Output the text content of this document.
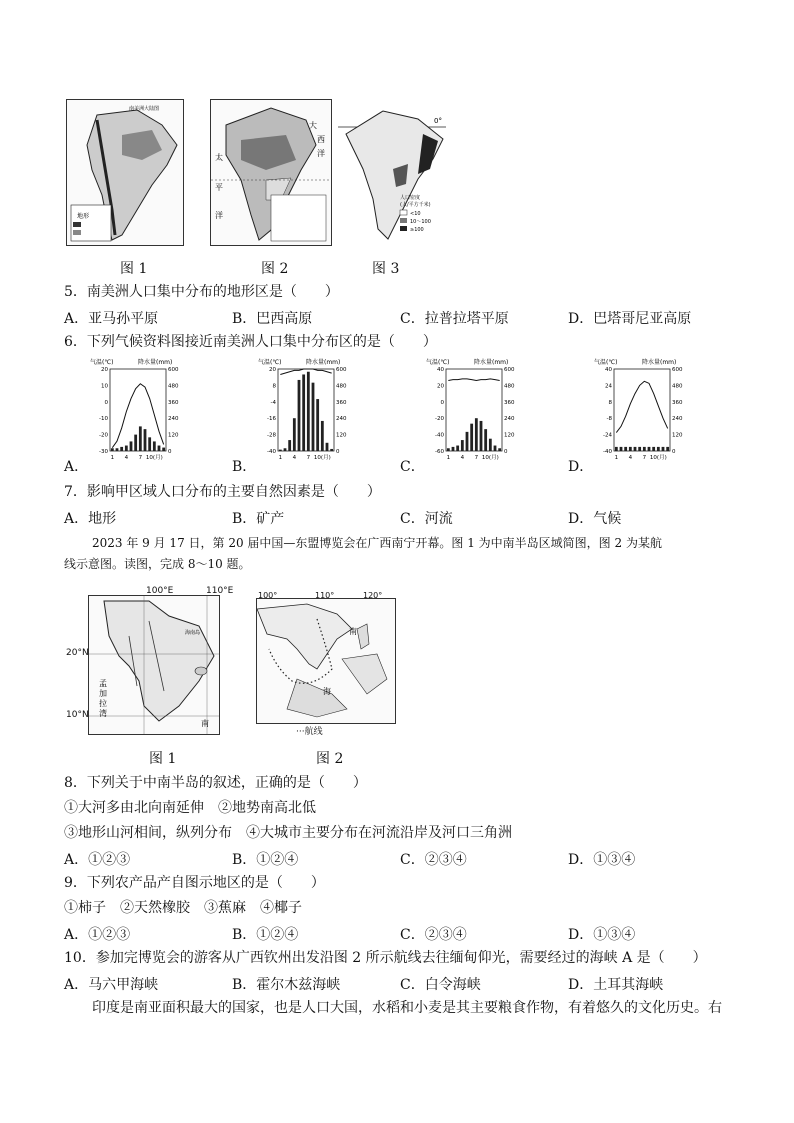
地形
南美洲大陆图
大
西
洋
太
平
洋
0°
人口密度
(人/平方千米)
<10
10～100
≥100
图 1	图 2	图 3
5．南美洲人口集中分布的地形区是（　　）
A．亚马孙平原	B．巴西高原	C．拉普拉塔平原	D．巴塔哥尼亚高原
6．下列气候资料图接近南美洲人口集中分布区的是（　　）
A．	B．	C．	D．
气温(℃)	降水量(mm)
-30	0
-20	120
-10	240
0	360
10	480
20	600
1 4 7 10(月)
气温(℃)	降水量(mm)
-40	0
-28	120
-16	240
-4	360
8	480
20	600
1 4 7 10(月)
气温(℃)	降水量(mm)
-60	0
-40	120
-20	240
0	360
20	480
40	600
1 4 7 10(月)
气温(℃)	降水量(mm)
-40	0
-24	120
-8	240
8	360
24	480
40	600
1 4 7 10(月)
7．影响甲区域人口分布的主要自然因素是（　　）
A．地形	B．矿产	C．河流	D．气候
2023 年 9 月 17 日，第 20 届中国—东盟博览会在广西南宁开幕。图 1 为中南半岛区域简图，图 2 为某航
线示意图。读图，完成 8～10 题。
孟
加
拉
湾
南
海南岛
100°E	110°E
20°N
10°N
南
海
100°	110°	120°
···航线
图 1	图 2
8．下列关于中南半岛的叙述，正确的是（　　）
①大河多由北向南延伸　②地势南高北低
③地形山河相间，纵列分布　④大城市主要分布在河流沿岸及河口三角洲
A．①②③	B．①②④	C．②③④	D．①③④
9．下列农产品产自图示地区的是（　　）
①柿子　②天然橡胶　③蕉麻　④椰子
A．①②③	B．①②④	C．②③④	D．①③④
10．参加完博览会的游客从广西钦州出发沿图 2 所示航线去往缅甸仰光，需要经过的海峡 A 是（　　）
A．马六甲海峡	B．霍尔木兹海峡	C．白令海峡	D．土耳其海峡
印度是南亚面积最大的国家，也是人口大国，水稻和小麦是其主要粮食作物，有着悠久的文化历史。右
